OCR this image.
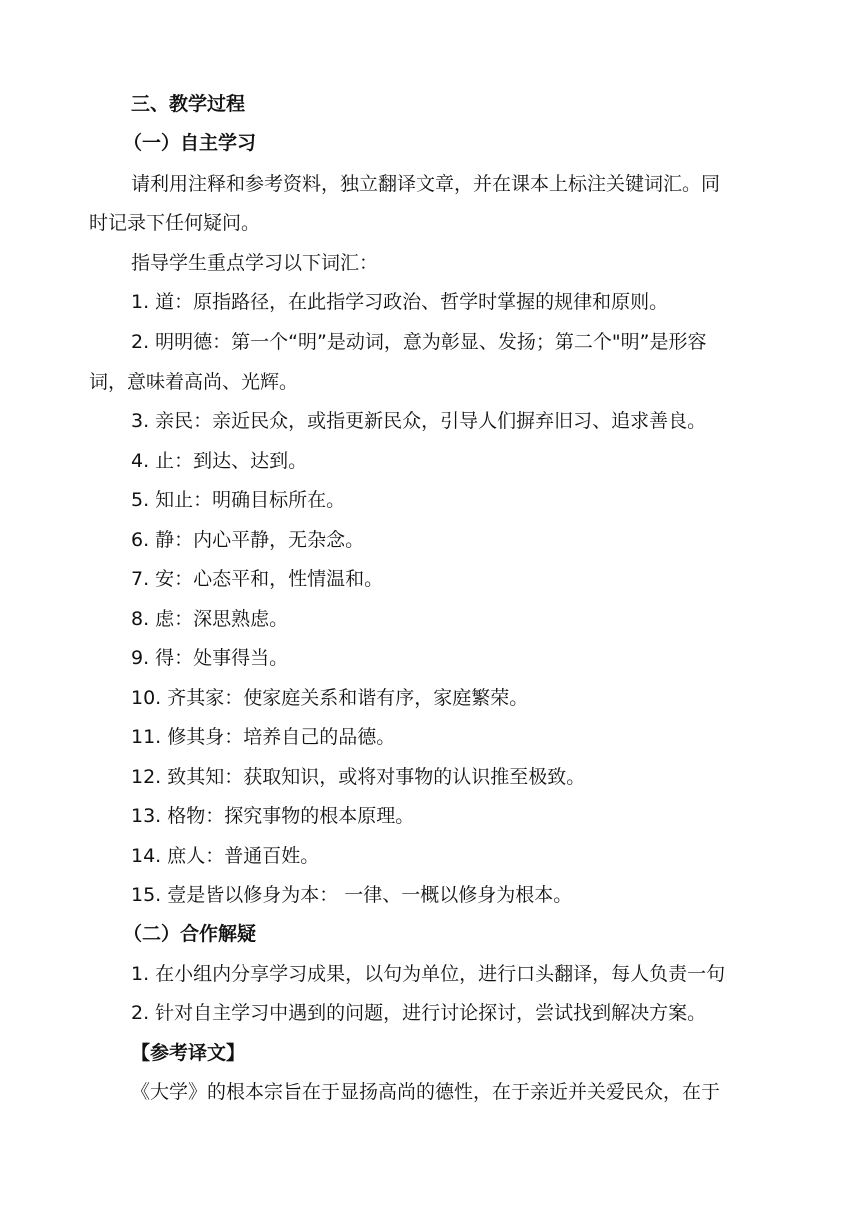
三、教学过程
（一）自主学习
请利用注释和参考资料，独立翻译文章，并在课本上标注关键词汇。同
时记录下任何疑问。
指导学生重点学习以下词汇：
1. 道：原指路径，在此指学习政治、哲学时掌握的规律和原则。
2. 明明德：第一个“明”是动词，意为彰显、发扬；第二个"明”是形容
词，意味着高尚、光辉。
3. 亲民：亲近民众，或指更新民众，引导人们摒弃旧习、追求善良。
4. 止：到达、达到。
5. 知止：明确目标所在。
6. 静：内心平静，无杂念。
7. 安：心态平和，性情温和。
8. 虑：深思熟虑。
9. 得：处事得当。
10. 齐其家：使家庭关系和谐有序，家庭繁荣。
11. 修其身：培养自己的品德。
12. 致其知：获取知识，或将对事物的认识推至极致。
13. 格物：探究事物的根本原理。
14. 庶人：普通百姓。
15. 壹是皆以修身为本： 一律、一概以修身为根本。
（二）合作解疑
1. 在小组内分享学习成果，以句为单位，进行口头翻译，每人负责一句
2. 针对自主学习中遇到的问题，进行讨论探讨，尝试找到解决方案。
【参考译文】
《大学》的根本宗旨在于显扬高尚的德性，在于亲近并关爱民众，在于
